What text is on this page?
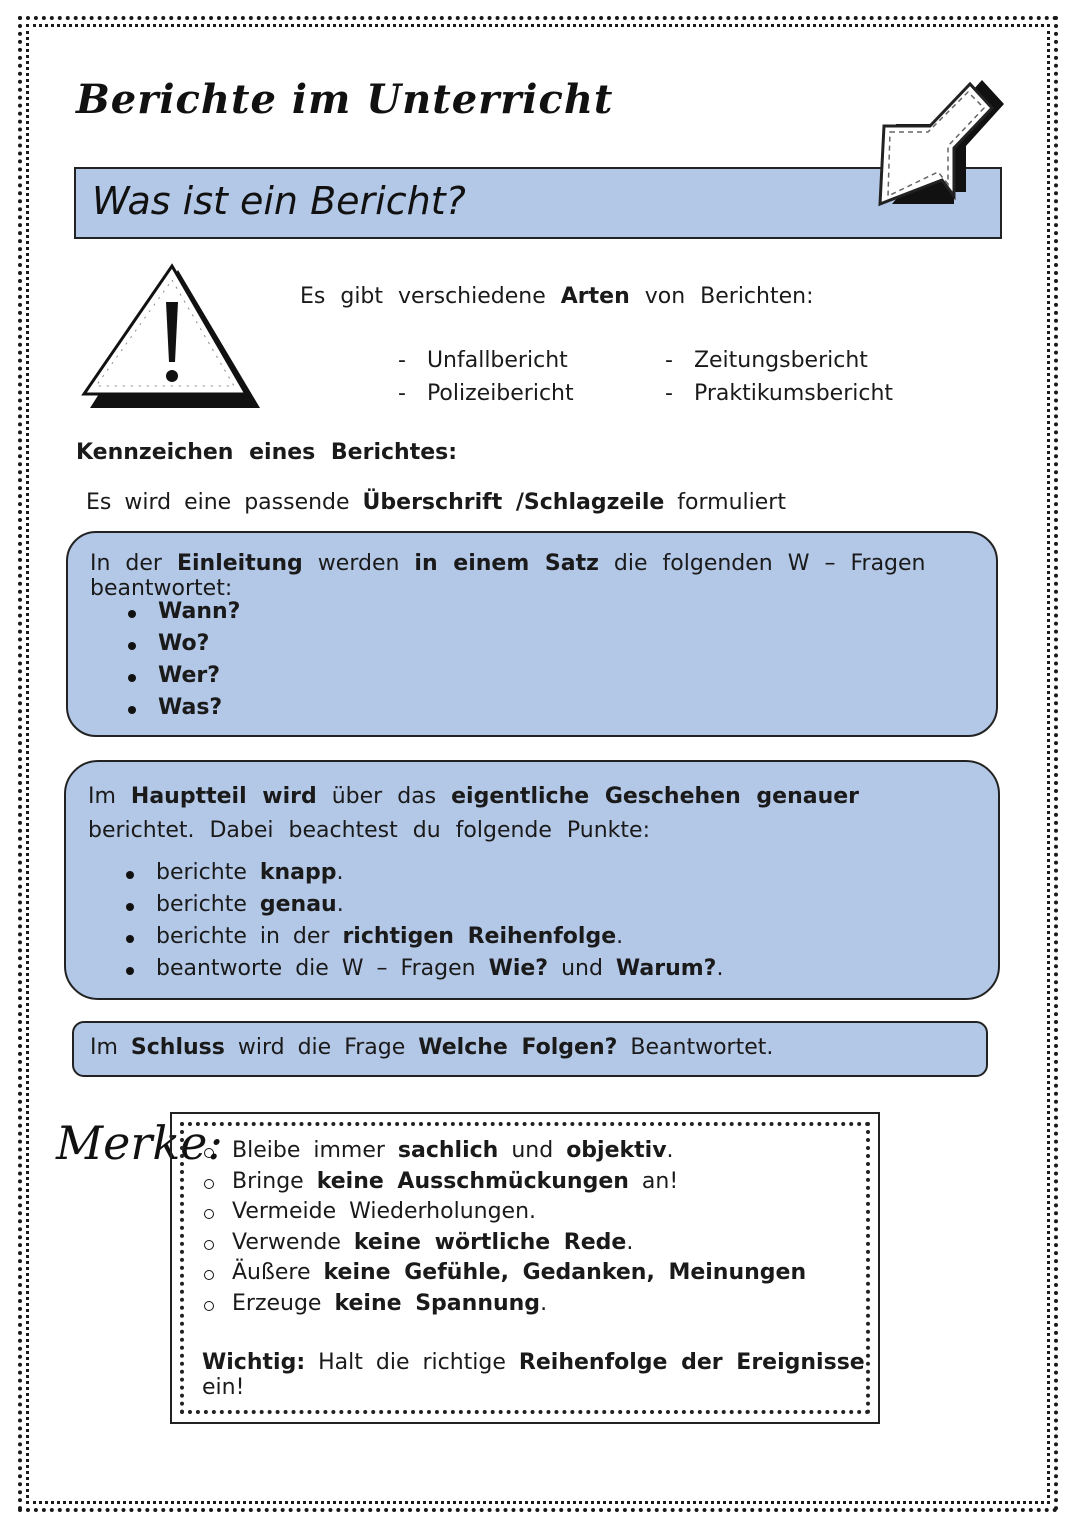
Berichte im Unterricht
Was ist ein Bericht?
Es gibt verschiedene Arten von Berichten:
- Unfallbericht
- Polizeibericht
- Zeitungsbericht
- Praktikumsbericht
Kennzeichen eines Berichtes:
Es wird eine passende Überschrift /Schlagzeile formuliert

In der Einleitung werden in einem Satz die folgenden W – Fragen beantwortet:

Wann?
Wo?
Wer?
Was?

Im Hauptteil wird über das eigentliche Geschehen genauer berichtet. Dabei beachtest du folgende Punkte:

berichte knapp.
berichte genau.
berichte in der richtigen Reihenfolge.
beantworte die W – Fragen Wie? und Warum?.

Im Schluss wird die Frage Welche Folgen? Beantwortet.

Merke: Bleibe immer sachlich und objektiv.
Bringe keine Ausschmückungen an!
Vermeide Wiederholungen.
Verwende keine wörtliche Rede.
Äußere keine Gefühle, Gedanken, Meinungen
Erzeuge keine Spannung.
Wichtig: Halt die richtige Reihenfolge der Ereignisse ein!
